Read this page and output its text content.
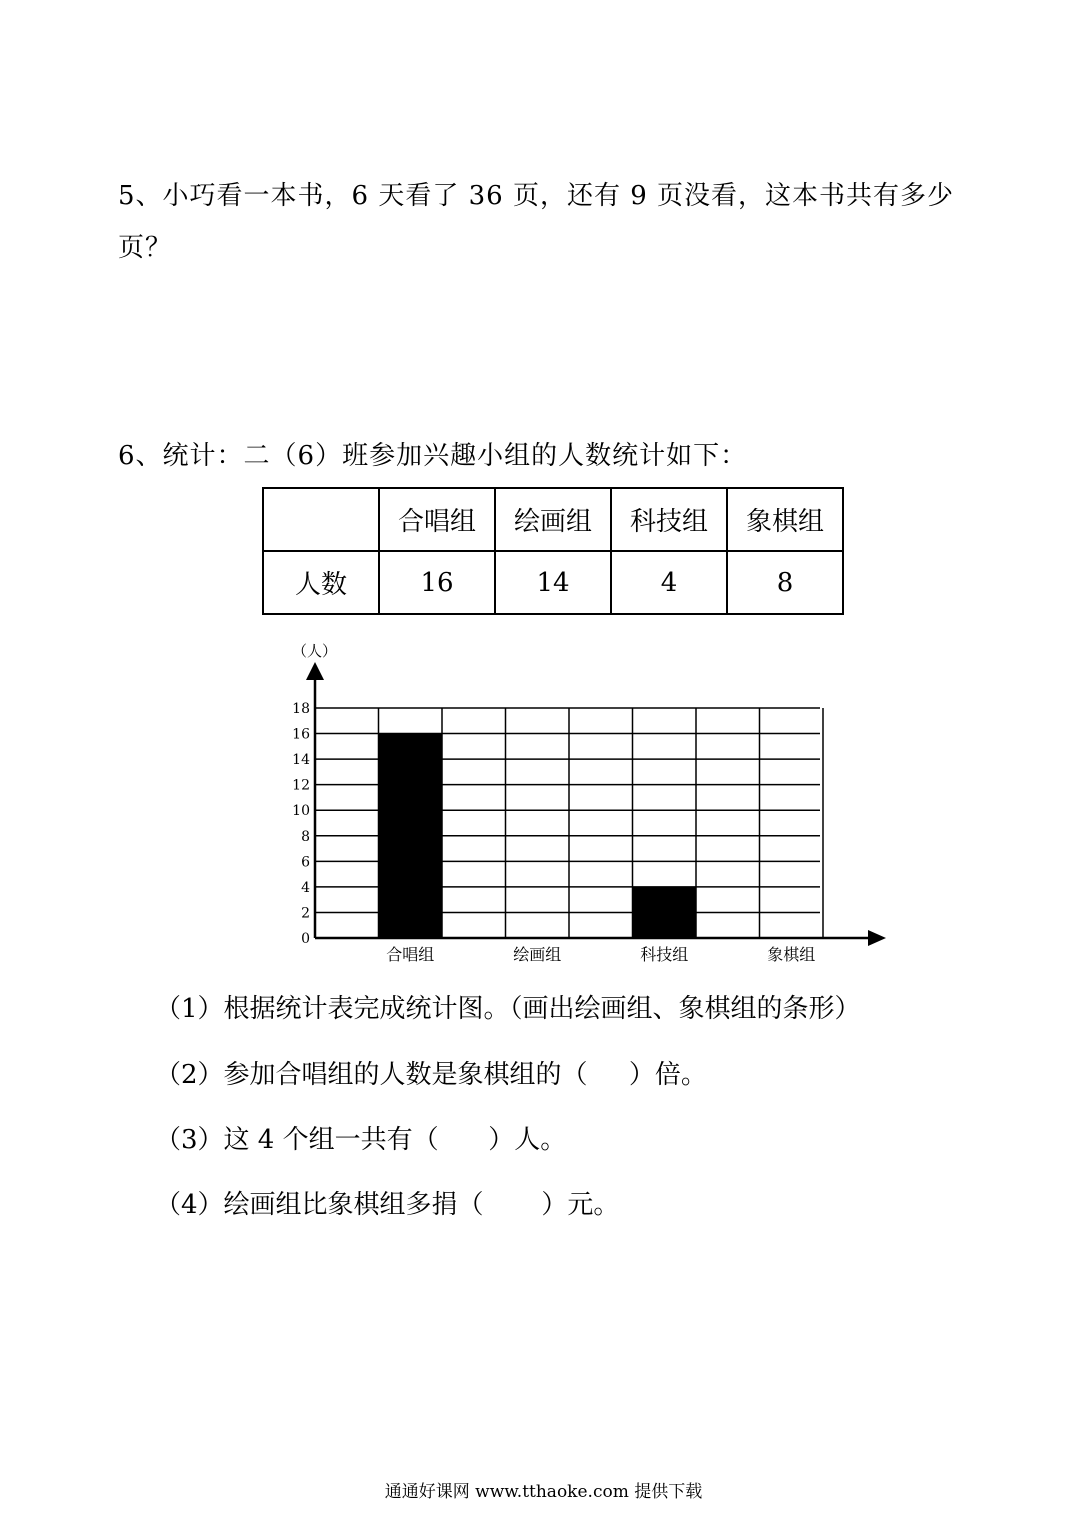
5、小巧看一本书，6 天看了 36 页，还有 9 页没看，这本书共有多少页？
6、统计：二（6）班参加兴趣小组的人数统计如下：
	合唱组	绘画组	科技组	象棋组
人数	16	14	4	8
（人）
0
2
4
6
8
10
12
14
16
18
合唱组	绘画组	科技组	象棋组
（1）根据统计表完成统计图。（画出绘画组、象棋组的条形）
（2）参加合唱组的人数是象棋组的（     ）倍。
（3）这 4 个组一共有（      ）人。
（4）绘画组比象棋组多捐（       ）元。
通通好课网 www.tthaoke.com 提供下载
